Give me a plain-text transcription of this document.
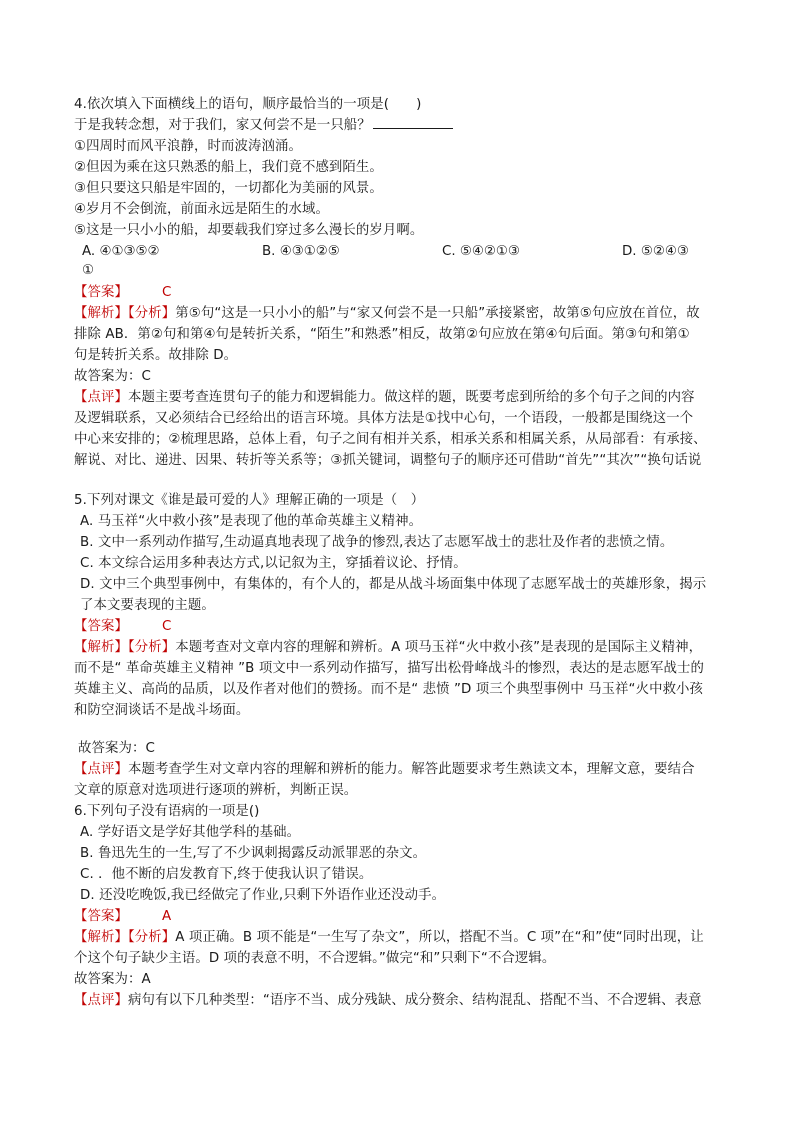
4.依次填入下面横线上的语句，顺序最恰当的一项是(　　)
于是我转念想，对于我们，家又何尝不是一只船？
①四周时而风平浪静，时而波涛汹涌。
②但因为乘在这只熟悉的船上，我们竟不感到陌生。
③但只要这只船是牢固的，一切都化为美丽的风景。
④岁月不会倒流，前面永远是陌生的水域。
⑤这是一只小小的船，却要载我们穿过多么漫长的岁月啊。
A. ④①③⑤②	B. ④③①②⑤	C. ⑤④②①③	D. ⑤②④③
①
【答案】	C
【解析】【分析】第⑤句“这是一只小小的船”与“家又何尝不是一只船”承接紧密，故第⑤句应放在首位，故
排除 AB．第②句和第④句是转折关系，“陌生”和熟悉”相反，故第②句应放在第④句后面。第③句和第①
句是转折关系。故排除 D。
故答案为：C
【点评】本题主要考查连贯句子的能力和逻辑能力。做这样的题，既要考虑到所给的多个句子之间的内容
及逻辑联系，又必须结合已经给出的语言环境。具体方法是①找中心句，一个语段，一般都是围绕这一个
中心来安排的；②梳理思路，总体上看，句子之间有相并关系，相承关系和相属关系，从局部看：有承接、
解说、对比、递进、因果、转折等关系等；③抓关键词，调整句子的顺序还可借助“首先”“其次”“换句话说
5.下列对课文《谁是最可爱的人》理解正确的一项是（　）
A. 马玉祥“火中救小孩”是表现了他的革命英雄主义精神。
B. 文中一系列动作描写,生动逼真地表现了战争的惨烈,表达了志愿军战士的悲壮及作者的悲愤之情。
C. 本文综合运用多种表达方式,以记叙为主，穿插着议论、抒情。
D. 文中三个典型事例中，有集体的，有个人的，都是从战斗场面集中体现了志愿军战士的英雄形象，揭示
了本文要表现的主题。
【答案】	C
【解析】【分析】本题考查对文章内容的理解和辨析。A 项马玉祥“火中救小孩”是表现的是国际主义精神，
而不是“ 革命英雄主义精神 ”B 项文中一系列动作描写，描写出松骨峰战斗的惨烈，表达的是志愿军战士的
英雄主义、高尚的品质，以及作者对他们的赞扬。而不是“ 悲愤 ”D 项三个典型事例中 马玉祥“火中救小孩
和防空洞谈话不是战斗场面。
故答案为：C
【点评】本题考查学生对文章内容的理解和辨析的能力。解答此题要求考生熟读文本，理解文意，要结合
文章的原意对选项进行逐项的辨析，判断正误。
6.下列句子没有语病的一项是()
A. 学好语文是学好其他学科的基础。
B. 鲁迅先生的一生,写了不少讽刺揭露反动派罪恶的杂文。
C. ．他不断的启发教育下,终于使我认识了错误。
D. 还没吃晚饭,我已经做完了作业,只剩下外语作业还没动手。
【答案】	A
【解析】【分析】A 项正确。B 项不能是“一生写了杂文”，所以，搭配不当。C 项”在“和”使“同时出现，让
个这个句子缺少主语。D 项的表意不明，不合逻辑。”做完“和”只剩下“不合逻辑。
故答案为：A
【点评】病句有以下几种类型：“语序不当、成分残缺、成分赘余、结构混乱、搭配不当、不合逻辑、表意
